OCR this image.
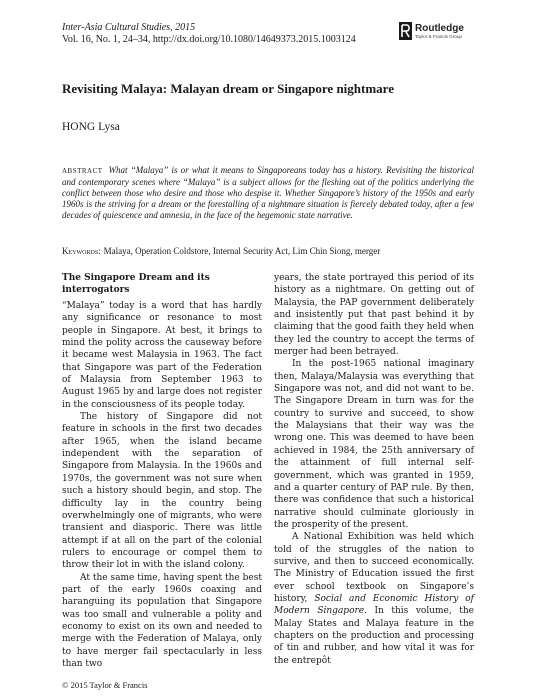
Inter-Asia Cultural Studies, 2015

Vol. 16, No. 1, 24–34, http://dx.doi.org/10.1080/14649373.2015.1003124

Routledge
Taylor & Francis Group
Revisiting Malaya: Malayan dream or Singapore nightmare

HONG Lysa

ABSTRACT What “Malaya” is or what it means to Singaporeans today has a history. Revisiting the historical and contemporary scenes where “Malaya” is a subject allows for the fleshing out of the politics underlying the conflict between those who desire and those who despise it. Whether Singapore’s history of the 1950s and early 1960s is the striving for a dream or the forestalling of a nightmare situation is fiercely debated today, after a few decades of quiescence and amnesia, in the face of the hegemonic state narrative.

Keywords: Malaya, Operation Coldstore, Internal Security Act, Lim Chin Siong, merger

The Singapore Dream and its interrogators

“Malaya” today is a word that has hardly any significance or resonance to most people in Singapore. At best, it brings to mind the polity across the causeway before it became west Malaysia in 1963. The fact that Singapore was part of the Federation of Malaysia from September 1963 to August 1965 by and large does not register in the consciousness of its people today.

The history of Singapore did not feature in schools in the first two decades after 1965, when the island became independent with the separation of Singapore from Malaysia. In the 1960s and 1970s, the government was not sure when such a history should begin, and stop. The difficulty lay in the country being overwhelmingly one of migrants, who were transient and diasporic. There was little attempt if at all on the part of the colonial rulers to encourage or compel them to throw their lot in with the island colony.

At the same time, having spent the best part of the early 1960s coaxing and haranguing its population that Singapore was too small and vulnerable a polity and economy to exist on its own and needed to merge with the Federation of Malaya, only to have merger fail spectacularly in less than two

years, the state portrayed this period of its history as a nightmare. On getting out of Malaysia, the PAP government deliberately and insistently put that past behind it by claiming that the good faith they held when they led the country to accept the terms of merger had been betrayed.

In the post-1965 national imaginary then, Malaya/Malaysia was everything that Singapore was not, and did not want to be. The Singapore Dream in turn was for the country to survive and succeed, to show the Malaysians that their way was the wrong one. This was deemed to have been achieved in 1984, the 25th anniversary of the attainment of full internal self-government, which was granted in 1959, and a quarter century of PAP rule. By then, there was confidence that such a historical narrative should culminate gloriously in the prosperity of the present.

A National Exhibition was held which told of the struggles of the nation to survive, and then to succeed economically. The Ministry of Education issued the first ever school textbook on Singapore’s history, Social and Economic History of Modern Singapore. In this volume, the Malay States and Malaya feature in the chapters on the production and processing of tin and rubber, and how vital it was for the entrepôt

© 2015 Taylor & Francis
